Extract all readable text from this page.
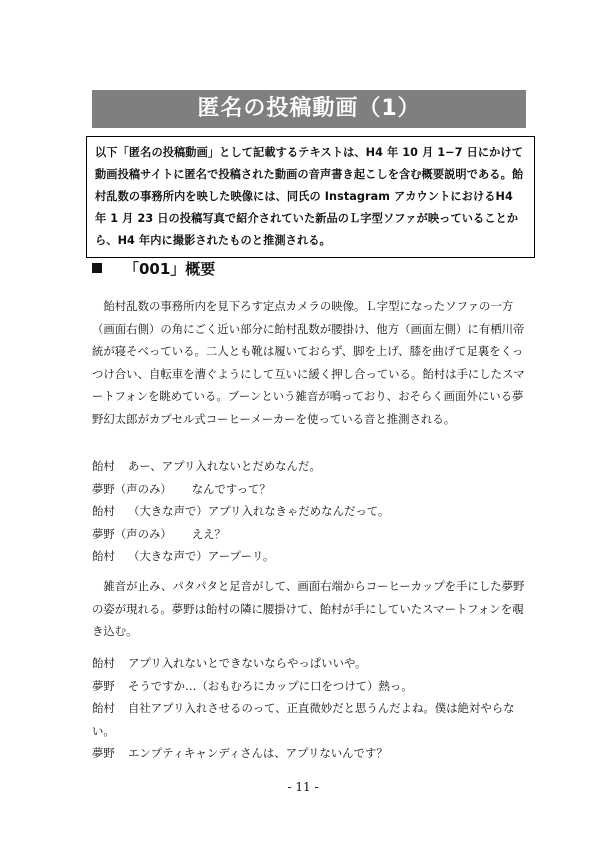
匿名の投稿動画（1）
以下「匿名の投稿動画」として記載するテキストは、H4 年 10 月 1−7 日にかけて動画投稿サイトに匿名で投稿された動画の音声書き起こしを含む概要説明である。飴村乱数の事務所内を映した映像には、同氏の Instagram アカウントにおけるH4 年 1 月 23 日の投稿写真で紹介されていた新品のＬ字型ソファが映っていることから、H4 年内に撮影されたものと推測される。
「001」概要

飴村乱数の事務所内を見下ろす定点カメラの映像。Ｌ字型になったソファの一方（画面右側）の角にごく近い部分に飴村乱数が腰掛け、他方（画面左側）に有栖川帝統が寝そべっている。二人とも靴は履いておらず、脚を上げ、膝を曲げて足裏をくっつけ合い、自転車を漕ぐようにして互いに緩く押し合っている。飴村は手にしたスマートフォンを眺めている。ブーンという雑音が鳴っており、おそらく画面外にいる夢野幻太郎がカプセル式コーヒーメーカーを使っている音と推測される。

飴村 あー、アプリ入れないとだめなんだ。

夢野（声のみ） なんですって？

飴村 （大きな声で）アプリ入れなきゃだめなんだって。

夢野（声のみ） ええ？

飴村 （大きな声で）アープーリ。

雑音が止み、パタパタと足音がして、画面右端からコーヒーカップを手にした夢野の姿が現れる。夢野は飴村の隣に腰掛けて、飴村が手にしていたスマートフォンを覗き込む。

飴村 アプリ入れないとできないならやっぱいいや。

夢野 そうですか…（おもむろにカップに口をつけて）熱っ。

飴村 自社アプリ入れさせるのって、正直微妙だと思うんだよね。僕は絶対やらない。

夢野 エンプティキャンディさんは、アプリないんです？

- 11 -
